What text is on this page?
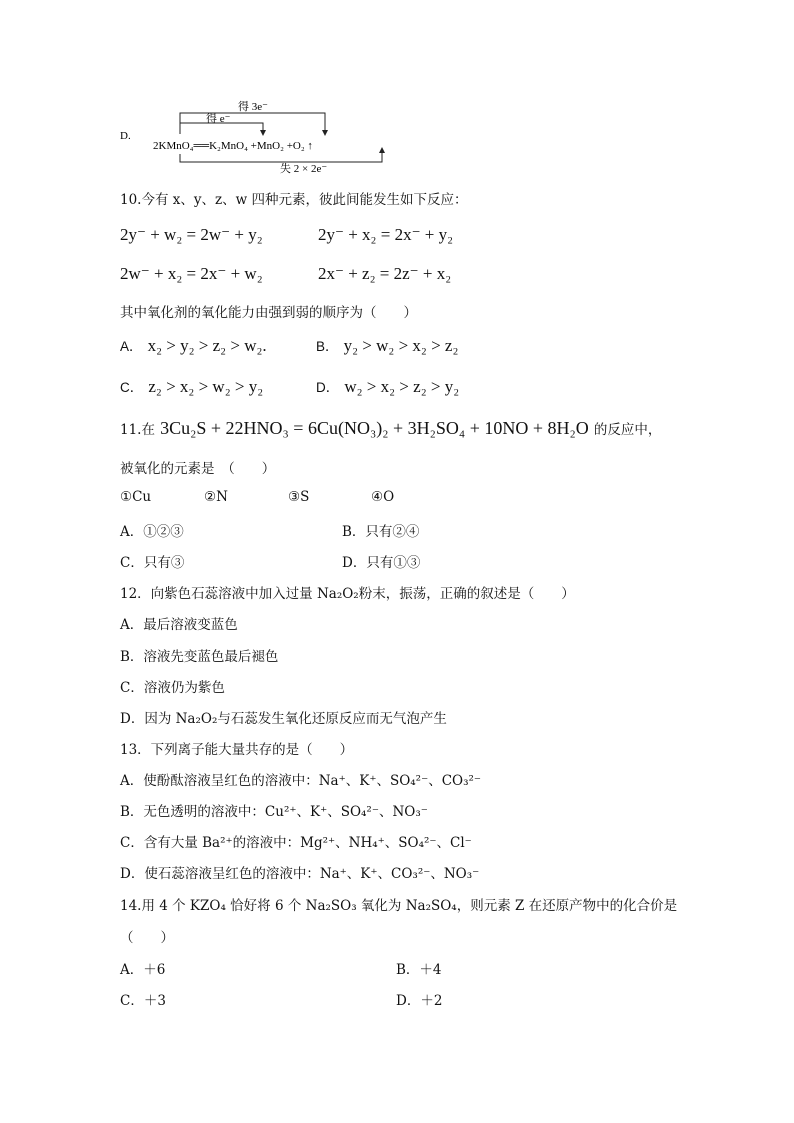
D.
得 3e⁻
得 e⁻
2KMnO₄══K₂MnO₄ +MnO₂ +O₂ ↑
失 2 × 2e⁻
10.今有 x、y、z、w 四种元素，彼此间能发生如下反应：
2y⁻ + w₂ = 2w⁻ + y₂	2y⁻ + x₂ = 2x⁻ + y₂
2w⁻ + x₂ = 2x⁻ + w₂	2x⁻ + z₂ = 2z⁻ + x₂
其中氧化剂的氧化能力由强到弱的顺序为（　　）
A． x₂ > y₂ > z₂ > w₂.	B． y₂ > w₂ > x₂ > z₂
C． z₂ > x₂ > w₂ > y₂	D． w₂ > x₂ > z₂ > y₂
11.在 3Cu₂S + 22HNO₃ = 6Cu(NO₃)₂ + 3H₂SO₄ + 10NO + 8H₂O 的反应中，
被氧化的元素是　（　　）
①Cu	②N	③S	④O
A．①②③	B．只有②④
C．只有③	D．只有①③
12．向紫色石蕊溶液中加入过量 Na₂O₂粉末，振荡，正确的叙述是（　　）
A．最后溶液变蓝色
B．溶液先变蓝色最后褪色
C．溶液仍为紫色
D．因为 Na₂O₂与石蕊发生氧化还原反应而无气泡产生
13．下列离子能大量共存的是（　　）
A．使酚酞溶液呈红色的溶液中：Na⁺、K⁺、SO₄²⁻、CO₃²⁻
B．无色透明的溶液中：Cu²⁺、K⁺、SO₄²⁻、NO₃⁻
C．含有大量 Ba²⁺的溶液中：Mg²⁺、NH₄⁺、SO₄²⁻、Cl⁻
D．使石蕊溶液呈红色的溶液中：Na⁺、K⁺、CO₃²⁻、NO₃⁻
14.用 4 个 KZO₄ 恰好将 6 个 Na₂SO₃ 氧化为 Na₂SO₄，则元素 Z 在还原产物中的化合价是
（　　）
A．＋6	B．＋4
C．＋3	D．＋2
